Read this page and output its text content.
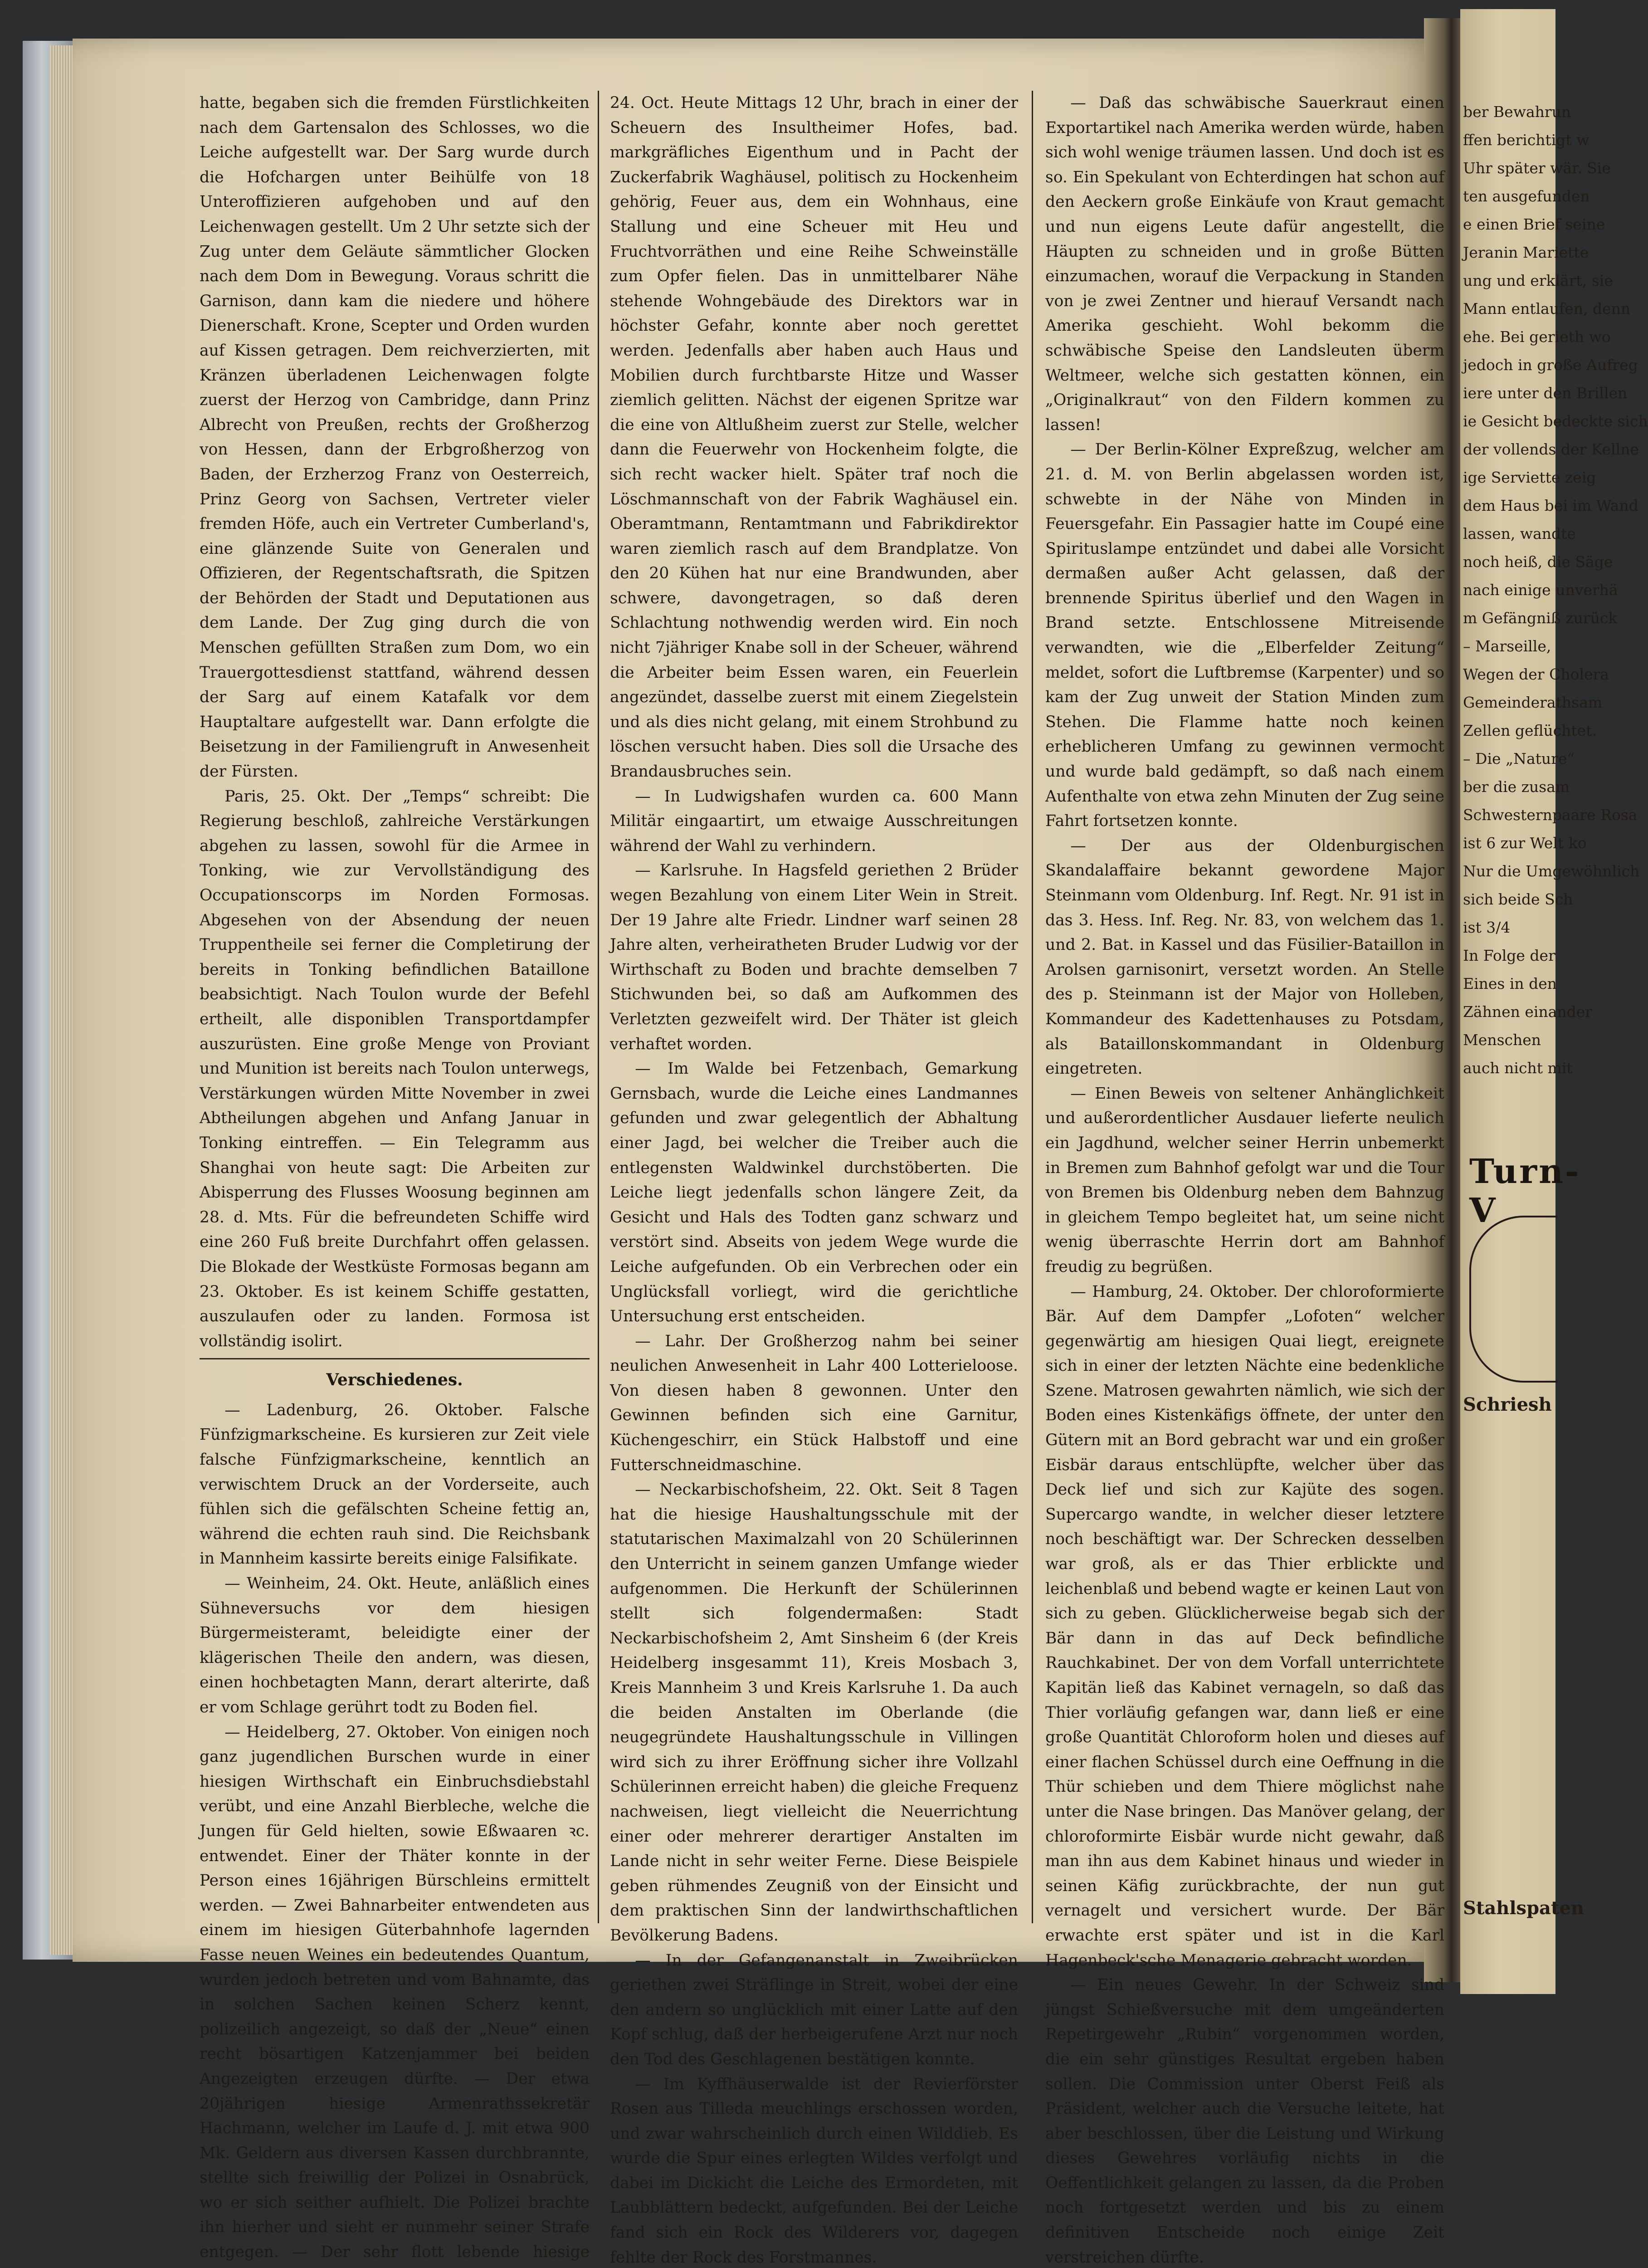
hatte, begaben sich die fremden Fürstlichkeiten nach dem Gartensalon des Schlosses, wo die Leiche aufgestellt war. Der Sarg wurde durch die Hofchargen unter Beihülfe von 18 Unteroffizieren aufgehoben und auf den Leichenwagen gestellt. Um 2 Uhr setzte sich der Zug unter dem Geläute sämmtlicher Glocken nach dem Dom in Bewegung. Voraus schritt die Garnison, dann kam die niedere und höhere Dienerschaft. Krone, Scepter und Orden wurden auf Kissen getragen. Dem reichverzierten, mit Kränzen überladenen Leichenwagen folgte zuerst der Herzog von Cambridge, dann Prinz Albrecht von Preußen, rechts der Großherzog von Hessen, dann der Erbgroßherzog von Baden, der Erzherzog Franz von Oesterreich, Prinz Georg von Sachsen, Vertreter vieler fremden Höfe, auch ein Vertreter Cumberland's, eine glänzende Suite von Generalen und Offizieren, der Regentschaftsrath, die Spitzen der Behörden der Stadt und Deputationen aus dem Lande. Der Zug ging durch die von Menschen gefüllten Straßen zum Dom, wo ein Trauergottesdienst stattfand, während dessen der Sarg auf einem Katafalk vor dem Hauptaltare aufgestellt war. Dann erfolgte die Beisetzung in der Familiengruft in Anwesenheit der Fürsten.

Paris, 25. Okt. Der „Temps“ schreibt: Die Regierung beschloß, zahlreiche Verstärkungen abgehen zu lassen, sowohl für die Armee in Tonking, wie zur Vervollständigung des Occupationscorps im Norden Formosas. Abgesehen von der Absendung der neuen Truppentheile sei ferner die Completirung der bereits in Tonking befindlichen Bataillone beabsichtigt. Nach Toulon wurde der Befehl ertheilt, alle disponiblen Transportdampfer auszurüsten. Eine große Menge von Proviant und Munition ist bereits nach Toulon unterwegs, Verstärkungen würden Mitte November in zwei Abtheilungen abgehen und Anfang Januar in Tonking eintreffen. — Ein Telegramm aus Shanghai von heute sagt: Die Arbeiten zur Abisperrung des Flusses Woosung beginnen am 28. d. Mts. Für die befreundeten Schiffe wird eine 260 Fuß breite Durchfahrt offen gelassen. Die Blokade der Westküste Formosas begann am 23. Oktober. Es ist keinem Schiffe gestatten, auszulaufen oder zu landen. Formosa ist vollständig isolirt.

Verschiedenes.

— Ladenburg, 26. Oktober. Falsche Fünfzigmarkscheine. Es kursieren zur Zeit viele falsche Fünfzigmarkscheine, kenntlich an verwischtem Druck an der Vorderseite, auch fühlen sich die gefälschten Scheine fettig an, während die echten rauh sind. Die Reichsbank in Mannheim kassirte bereits einige Falsifikate.

— Weinheim, 24. Okt. Heute, anläßlich eines Sühneversuchs vor dem hiesigen Bürgermeisteramt, beleidigte einer der klägerischen Theile den andern, was diesen, einen hochbetagten Mann, derart alterirte, daß er vom Schlage gerührt todt zu Boden fiel.

— Heidelberg, 27. Oktober. Von einigen noch ganz jugendlichen Burschen wurde in einer hiesigen Wirthschaft ein Einbruchsdiebstahl verübt, und eine Anzahl Bierbleche, welche die Jungen für Geld hielten, sowie Eßwaaren ꝛc. entwendet. Einer der Thäter konnte in der Person eines 16jährigen Bürschleins ermittelt werden. — Zwei Bahnarbeiter entwendeten aus einem im hiesigen Güterbahnhofe lagernden Fasse neuen Weines ein bedeutendes Quantum, wurden jedoch betreten und vom Bahnamte, das in solchen Sachen keinen Scherz kennt, polizeilich angezeigt, so daß der „Neue“ einen recht bösartigen Katzenjammer bei beiden Angezeigten erzeugen dürfte. — Der etwa 20jährigen hiesige Armenrathssekretär Hachmann, welcher im Laufe d. J. mit etwa 900 Mk. Geldern aus diversen Kassen durchbrannte, stellte sich freiwillig der Polizei in Osnabrück, wo er sich seither aufhielt. Die Polizei brachte ihn hierher und sieht er nunmehr seiner Strafe entgegen. — Der sehr flott lebende hiesige

24. Oct. Heute Mittags 12 Uhr, brach in einer der Scheuern des Insultheimer Hofes, bad. markgräfliches Eigenthum und in Pacht der Zuckerfabrik Waghäusel, politisch zu Hockenheim gehörig, Feuer aus, dem ein Wohnhaus, eine Stallung und eine Scheuer mit Heu und Fruchtvorräthen und eine Reihe Schweinställe zum Opfer fielen. Das in unmittelbarer Nähe stehende Wohngebäude des Direktors war in höchster Gefahr, konnte aber noch gerettet werden. Jedenfalls aber haben auch Haus und Mobilien durch furchtbarste Hitze und Wasser ziemlich gelitten. Nächst der eigenen Spritze war die eine von Altlußheim zuerst zur Stelle, welcher dann die Feuerwehr von Hockenheim folgte, die sich recht wacker hielt. Später traf noch die Löschmannschaft von der Fabrik Waghäusel ein. Oberamtmann, Rentamtmann und Fabrikdirektor waren ziemlich rasch auf dem Brandplatze. Von den 20 Kühen hat nur eine Brandwunden, aber schwere, davongetragen, so daß deren Schlachtung nothwendig werden wird. Ein noch nicht 7jähriger Knabe soll in der Scheuer, während die Arbeiter beim Essen waren, ein Feuerlein angezündet, dasselbe zuerst mit einem Ziegelstein und als dies nicht gelang, mit einem Strohbund zu löschen versucht haben. Dies soll die Ursache des Brandausbruches sein.

— In Ludwigshafen wurden ca. 600 Mann Militär eingaartirt, um etwaige Ausschreitungen während der Wahl zu verhindern.

— Karlsruhe. In Hagsfeld geriethen 2 Brüder wegen Bezahlung von einem Liter Wein in Streit. Der 19 Jahre alte Friedr. Lindner warf seinen 28 Jahre alten, verheiratheten Bruder Ludwig vor der Wirthschaft zu Boden und brachte demselben 7 Stichwunden bei, so daß am Aufkommen des Verletzten gezweifelt wird. Der Thäter ist gleich verhaftet worden.

— Im Walde bei Fetzenbach, Gemarkung Gernsbach, wurde die Leiche eines Landmannes gefunden und zwar gelegentlich der Abhaltung einer Jagd, bei welcher die Treiber auch die entlegensten Waldwinkel durchstöberten. Die Leiche liegt jedenfalls schon längere Zeit, da Gesicht und Hals des Todten ganz schwarz und verstört sind. Abseits von jedem Wege wurde die Leiche aufgefunden. Ob ein Verbrechen oder ein Unglücksfall vorliegt, wird die gerichtliche Untersuchung erst entscheiden.

— Lahr. Der Großherzog nahm bei seiner neulichen Anwesenheit in Lahr 400 Lotterieloose. Von diesen haben 8 gewonnen. Unter den Gewinnen befinden sich eine Garnitur, Küchengeschirr, ein Stück Halbstoff und eine Futterschneidmaschine.

— Neckarbischofsheim, 22. Okt. Seit 8 Tagen hat die hiesige Haushaltungsschule mit der statutarischen Maximalzahl von 20 Schülerinnen den Unterricht in seinem ganzen Umfange wieder aufgenommen. Die Herkunft der Schülerinnen stellt sich folgendermaßen: Stadt Neckarbischofsheim 2, Amt Sinsheim 6 (der Kreis Heidelberg insgesammt 11), Kreis Mosbach 3, Kreis Mannheim 3 und Kreis Karlsruhe 1. Da auch die beiden Anstalten im Oberlande (die neugegründete Haushaltungsschule in Villingen wird sich zu ihrer Eröffnung sicher ihre Vollzahl Schülerinnen erreicht haben) die gleiche Frequenz nachweisen, liegt vielleicht die Neuerrichtung einer oder mehrerer derartiger Anstalten im Lande nicht in sehr weiter Ferne. Diese Beispiele geben rühmendes Zeugniß von der Einsicht und dem praktischen Sinn der landwirthschaftlichen Bevölkerung Badens.

— In der Gefangenanstalt in Zweibrücken geriethen zwei Sträflinge in Streit, wobei der eine den andern so unglücklich mit einer Latte auf den Kopf schlug, daß der herbeigerufene Arzt nur noch den Tod des Geschlagenen bestätigen konnte.

— Im Kyffhäuserwalde ist der Revierförster Rosen aus Tilleda meuchlings erschossen worden, und zwar wahrscheinlich durch einen Wilddieb. Es wurde die Spur eines erlegten Wildes verfolgt und dabei im Dickicht die Leiche des Ermordeten, mit Laubblättern bedeckt, aufgefunden. Bei der Leiche fand sich ein Rock des Wilderers vor, dagegen fehlte der Rock des Forstmannes.

— Daß das schwäbische Sauerkraut einen Exportartikel nach Amerika werden würde, haben sich wohl wenige träumen lassen. Und doch ist es so. Ein Spekulant von Echterdingen hat schon auf den Aeckern große Einkäufe von Kraut gemacht und nun eigens Leute dafür angestellt, die Häupten zu schneiden und in große Bütten einzumachen, worauf die Verpackung in Standen von je zwei Zentner und hierauf Versandt nach Amerika geschieht. Wohl bekomm die schwäbische Speise den Landsleuten überm Weltmeer, welche sich gestatten können, ein „Originalkraut“ von den Fildern kommen zu lassen!

— Der Berlin-Kölner Expreßzug, welcher am 21. d. M. von Berlin abgelassen worden ist, schwebte in der Nähe von Minden in Feuersgefahr. Ein Passagier hatte im Coupé eine Spirituslampe entzündet und dabei alle Vorsicht dermaßen außer Acht gelassen, daß der brennende Spiritus überlief und den Wagen in Brand setzte. Entschlossene Mitreisende verwandten, wie die „Elberfelder Zeitung“ meldet, sofort die Luftbremse (Karpenter) und so kam der Zug unweit der Station Minden zum Stehen. Die Flamme hatte noch keinen erheblicheren Umfang zu gewinnen vermocht und wurde bald gedämpft, so daß nach einem Aufenthalte von etwa zehn Minuten der Zug seine Fahrt fortsetzen konnte.

— Der aus der Oldenburgischen Skandalaffaire bekannt gewordene Major Steinmann vom Oldenburg. Inf. Regt. Nr. 91 ist in das 3. Hess. Inf. Reg. Nr. 83, von welchem das 1. und 2. Bat. in Kassel und das Füsilier-Bataillon in Arolsen garnisonirt, versetzt worden. An Stelle des p. Steinmann ist der Major von Holleben, Kommandeur des Kadettenhauses zu Potsdam, als Bataillonskommandant in Oldenburg eingetreten.

— Einen Beweis von seltener Anhänglichkeit und außerordentlicher Ausdauer lieferte neulich ein Jagdhund, welcher seiner Herrin unbemerkt in Bremen zum Bahnhof gefolgt war und die Tour von Bremen bis Oldenburg neben dem Bahnzug in gleichem Tempo begleitet hat, um seine nicht wenig überraschte Herrin dort am Bahnhof freudig zu begrüßen.

— Hamburg, 24. Oktober. Der chloroformierte Bär. Auf dem Dampfer „Lofoten“ welcher gegenwärtig am hiesigen Quai liegt, ereignete sich in einer der letzten Nächte eine bedenkliche Szene. Matrosen gewahrten nämlich, wie sich der Boden eines Kistenkäfigs öffnete, der unter den Gütern mit an Bord gebracht war und ein großer Eisbär daraus entschlüpfte, welcher über das Deck lief und sich zur Kajüte des sogen. Supercargo wandte, in welcher dieser letztere noch beschäftigt war. Der Schrecken desselben war groß, als er das Thier erblickte und leichenblaß und bebend wagte er keinen Laut von sich zu geben. Glücklicherweise begab sich der Bär dann in das auf Deck befindliche Rauchkabinet. Der von dem Vorfall unterrichtete Kapitän ließ das Kabinet vernageln, so daß das Thier vorläufig gefangen war, dann ließ er eine große Quantität Chloroform holen und dieses auf einer flachen Schüssel durch eine Oeffnung in die Thür schieben und dem Thiere möglichst nahe unter die Nase bringen. Das Manöver gelang, der chloroformirte Eisbär wurde nicht gewahr, daß man ihn aus dem Kabinet hinaus und wieder in seinen Käfig zurückbrachte, der nun gut vernagelt und versichert wurde. Der Bär erwachte erst später und ist in die Karl Hagenbeck'sche Menagerie gebracht worden.

— Ein neues Gewehr. In der Schweiz sind jüngst Schießversuche mit dem umgeänderten Repetirgewehr „Rubin“ vorgenommen worden, die ein sehr günstiges Resultat ergeben haben sollen. Die Commission unter Oberst Feiß als Präsident, welcher auch die Versuche leitete, hat aber beschlossen, über die Leistung und Wirkung dieses Gewehres vorläufig nichts in die Oeffentlichkeit gelangen zu lassen, da die Proben noch fortgesetzt werden und bis zu einem definitiven Entscheide noch einige Zeit verstreichen dürfte.

ber Bewahrun
ffen berichtigt w
Uhr später wär. Sie
ten ausgefunden
e einen Brief seine
Jeranin Mariette
ung und erklärt, sie
Mann entlaufen, denn
ehe. Bei gerieth wo
jedoch in große Aufreg
iere unter den Brillen
ie Gesicht bedeckte sich
der vollends der Kellne
ige Serviette zeig
dem Haus bei im Wand
lassen, wandte
noch heiß, die Säge
nach einige unverhä
m Gefängniß zurück
– Marseille,
Wegen der Cholera
Gemeinderathsam
Zellen geflüchtet.
– Die „Nature“
ber die zusam
Schwesternpaare Rosa
ist 6 zur Welt ko
Nur die Umgewöhnlich
sich beide Sch
ist 3/4
In Folge der
Eines in den
Zähnen einander
Menschen
auch nicht mit
Turn-V
Schriesh
Stahlspaten
